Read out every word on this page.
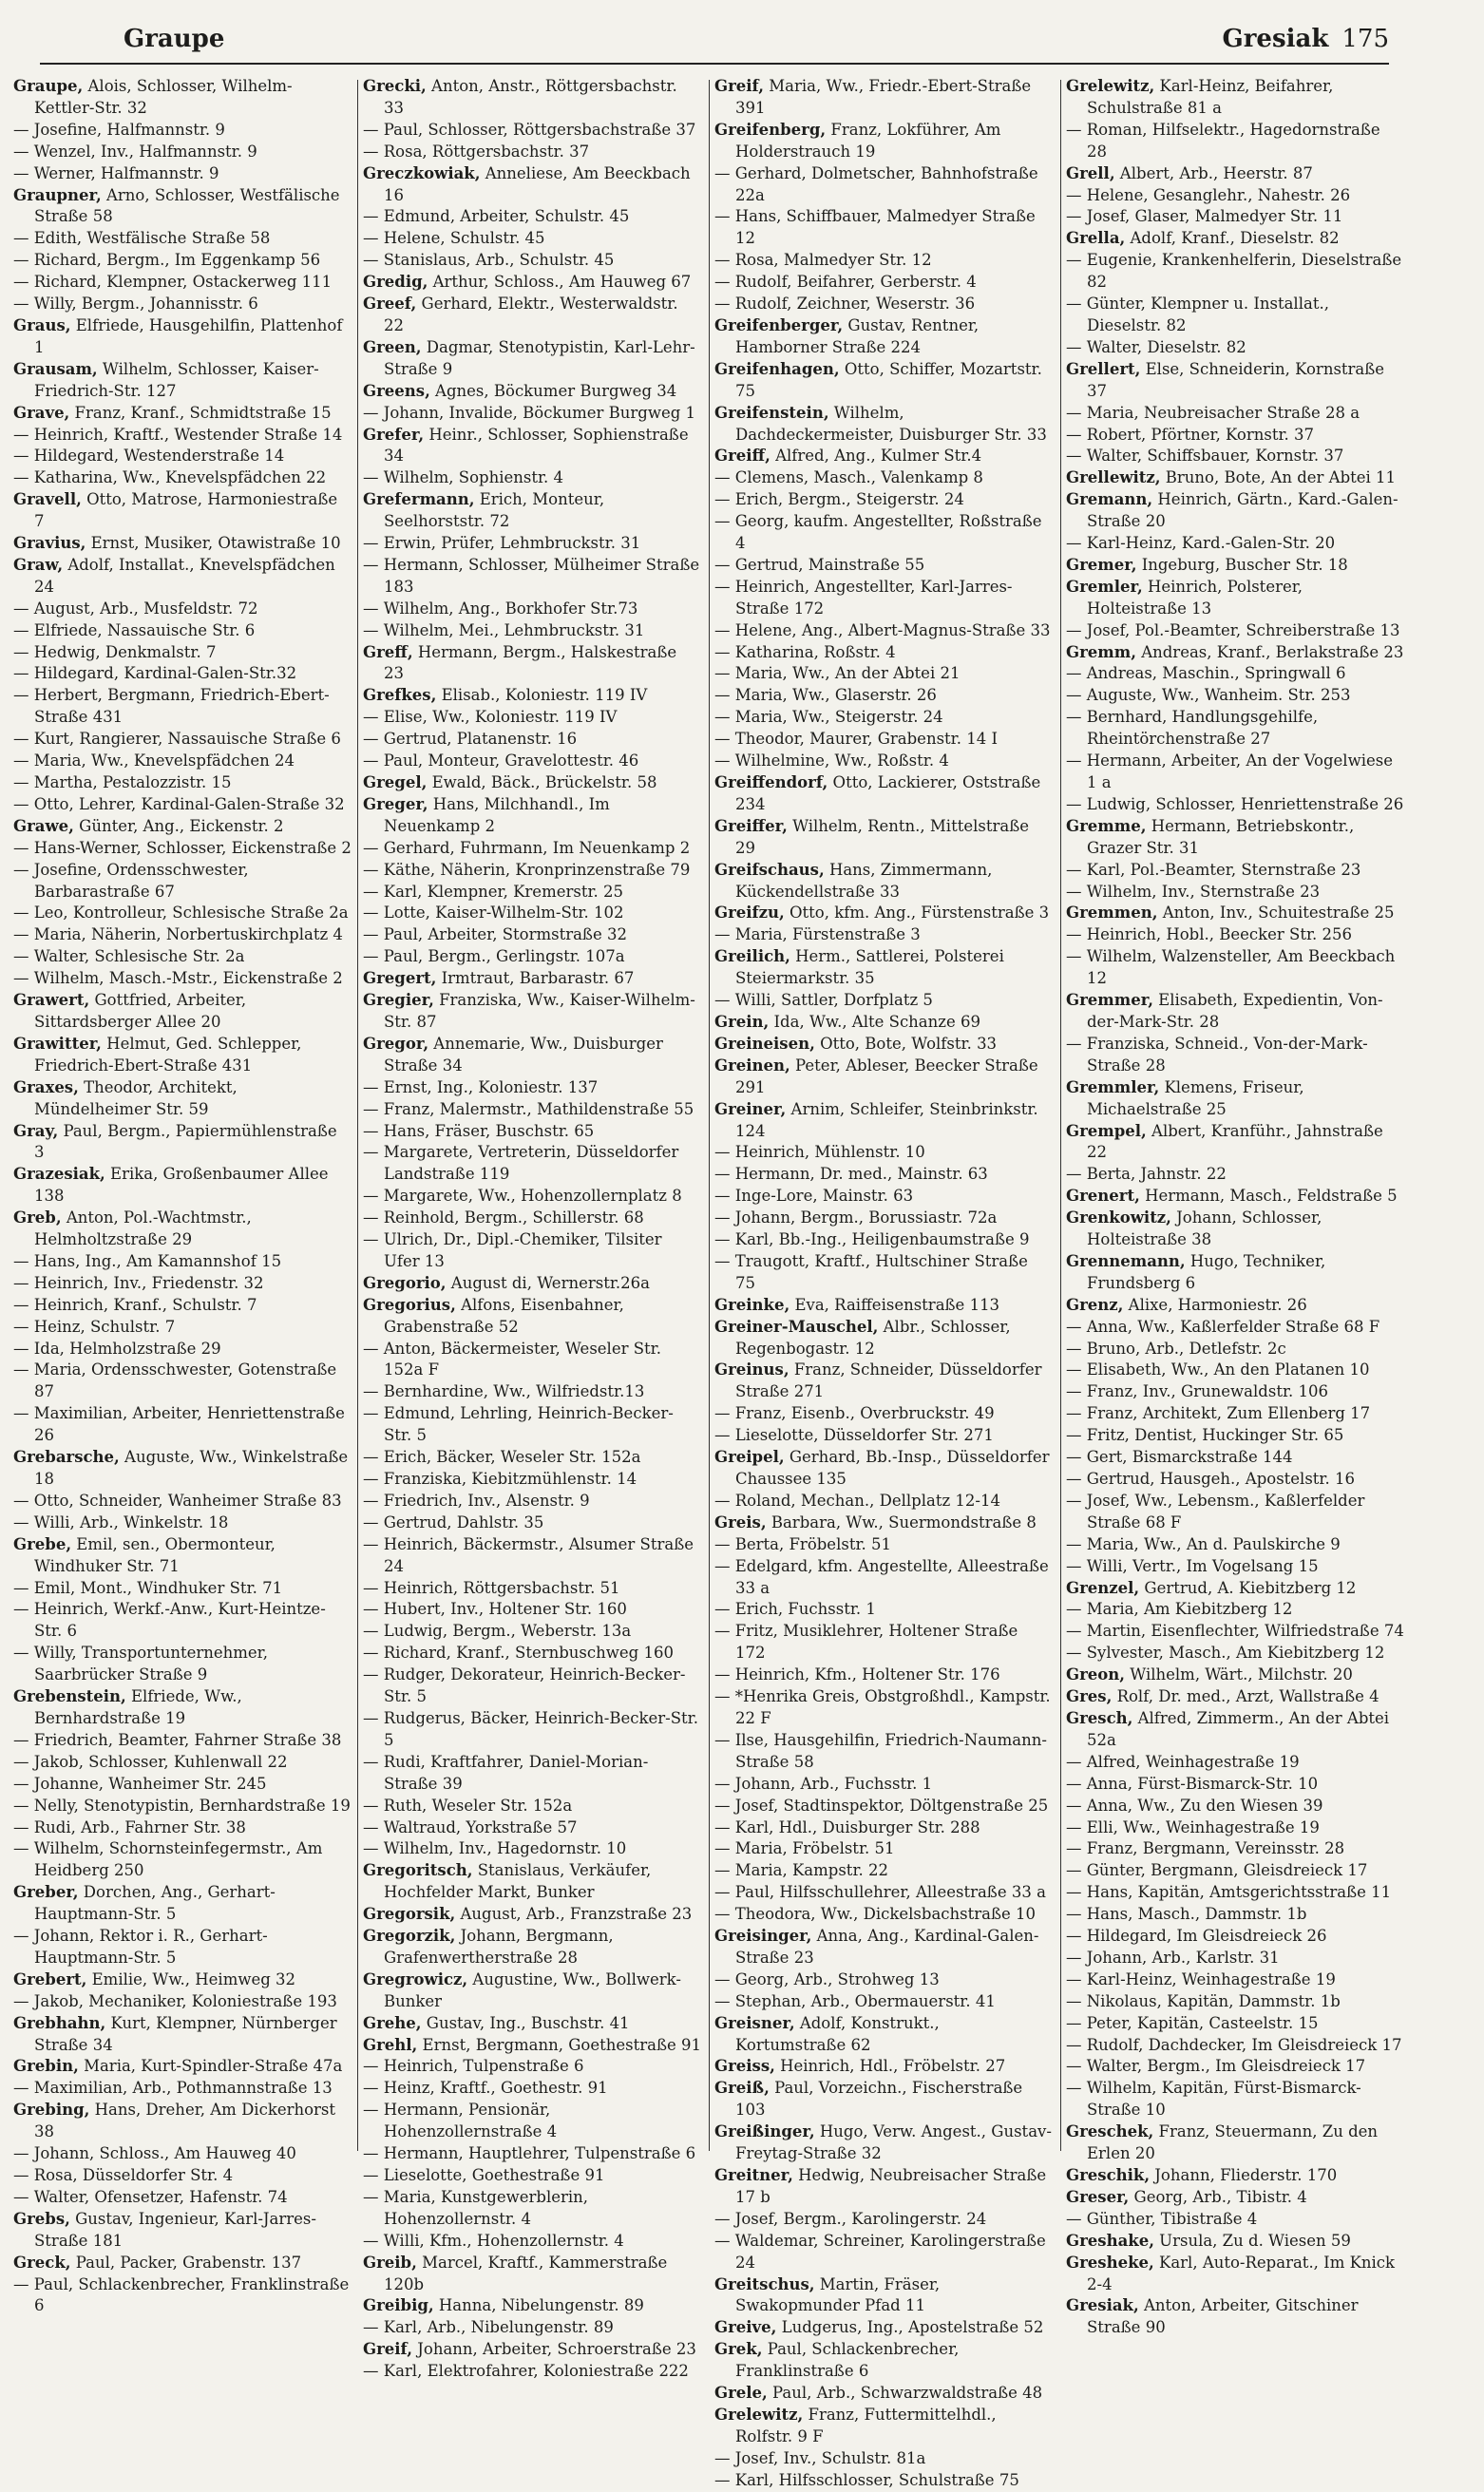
Graupe	Gresiak 175
Graupe, Alois, Schlosser, Wilhelm-Kettler-Str. 32
— Josefine, Halfmannstr. 9
— Wenzel, Inv., Halfmannstr. 9
— Werner, Halfmannstr. 9
Graupner, Arno, Schlosser, Westfälische Straße 58
— Edith, Westfälische Straße 58
— Richard, Bergm., Im Eggenkamp 56
— Richard, Klempner, Ostackerweg 111
— Willy, Bergm., Johannisstr. 6
Graus, Elfriede, Hausgehilfin, Plattenhof 1
Grausam, Wilhelm, Schlosser, Kaiser-Friedrich-Str. 127
Grave, Franz, Kranf., Schmidtstraße 15
— Heinrich, Kraftf., Westender Straße 14
— Hildegard, Westenderstraße 14
— Katharina, Ww., Knevelspfädchen 22
Gravell, Otto, Matrose, Harmoniestraße 7
Gravius, Ernst, Musiker, Otawistraße 10
Graw, Adolf, Installat., Knevelspfädchen 24
— August, Arb., Musfeldstr. 72
— Elfriede, Nassauische Str. 6
— Hedwig, Denkmalstr. 7
— Hildegard, Kardinal-Galen-Str.32
— Herbert, Bergmann, Friedrich-Ebert-Straße 431
— Kurt, Rangierer, Nassauische Straße 6
— Maria, Ww., Knevelspfädchen 24
— Martha, Pestalozzistr. 15
— Otto, Lehrer, Kardinal-Galen-Straße 32
Grawe, Günter, Ang., Eickenstr. 2
— Hans-Werner, Schlosser, Eickenstraße 2
— Josefine, Ordensschwester, Barbarastraße 67
— Leo, Kontrolleur, Schlesische Straße 2a
— Maria, Näherin, Norbertuskirchplatz 4
— Walter, Schlesische Str. 2a
— Wilhelm, Masch.-Mstr., Eickenstraße 2
Grawert, Gottfried, Arbeiter, Sittardsberger Allee 20
Grawitter, Helmut, Ged. Schlepper, Friedrich-Ebert-Straße 431
Graxes, Theodor, Architekt, Mündelheimer Str. 59
Gray, Paul, Bergm., Papiermühlenstraße 3
Grazesiak, Erika, Großenbaumer Allee 138
Greb, Anton, Pol.-Wachtmstr., Helmholtzstraße 29
— Hans, Ing., Am Kamannshof 15
— Heinrich, Inv., Friedenstr. 32
— Heinrich, Kranf., Schulstr. 7
— Heinz, Schulstr. 7
— Ida, Helmholzstraße 29
— Maria, Ordensschwester, Gotenstraße 87
— Maximilian, Arbeiter, Henriettenstraße 26
Grebarsche, Auguste, Ww., Winkelstraße 18
— Otto, Schneider, Wanheimer Straße 83
— Willi, Arb., Winkelstr. 18
Grebe, Emil, sen., Obermonteur, Windhuker Str. 71
— Emil, Mont., Windhuker Str. 71
— Heinrich, Werkf.-Anw., Kurt-Heintze-Str. 6
— Willy, Transportunternehmer, Saarbrücker Straße 9
Grebenstein, Elfriede, Ww., Bernhardstraße 19
— Friedrich, Beamter, Fahrner Straße 38
— Jakob, Schlosser, Kuhlenwall 22
— Johanne, Wanheimer Str. 245
— Nelly, Stenotypistin, Bernhardstraße 19
— Rudi, Arb., Fahrner Str. 38
— Wilhelm, Schornsteinfegermstr., Am Heidberg 250
Greber, Dorchen, Ang., Gerhart-Hauptmann-Str. 5
— Johann, Rektor i. R., Gerhart-Hauptmann-Str. 5
Grebert, Emilie, Ww., Heimweg 32
— Jakob, Mechaniker, Koloniestraße 193
Grebhahn, Kurt, Klempner, Nürnberger Straße 34
Grebin, Maria, Kurt-Spindler-Straße 47a
— Maximilian, Arb., Pothmannstraße 13
Grebing, Hans, Dreher, Am Dickerhorst 38
— Johann, Schloss., Am Hauweg 40
— Rosa, Düsseldorfer Str. 4
— Walter, Ofensetzer, Hafenstr. 74
Grebs, Gustav, Ingenieur, Karl-Jarres-Straße 181
Greck, Paul, Packer, Grabenstr. 137
— Paul, Schlackenbrecher, Franklinstraße 6
Grecki, Anton, Anstr., Röttgersbachstr. 33
— Paul, Schlosser, Röttgersbachstraße 37
— Rosa, Röttgersbachstr. 37
Greczkowiak, Anneliese, Am Beeckbach 16
— Edmund, Arbeiter, Schulstr. 45
— Helene, Schulstr. 45
— Stanislaus, Arb., Schulstr. 45
Gredig, Arthur, Schloss., Am Hauweg 67
Greef, Gerhard, Elektr., Westerwaldstr. 22
Green, Dagmar, Stenotypistin, Karl-Lehr-Straße 9
Greens, Agnes, Böckumer Burgweg 34
— Johann, Invalide, Böckumer Burgweg 1
Grefer, Heinr., Schlosser, Sophienstraße 34
— Wilhelm, Sophienstr. 4
Grefermann, Erich, Monteur, Seelhorststr. 72
— Erwin, Prüfer, Lehmbruckstr. 31
— Hermann, Schlosser, Mülheimer Straße 183
— Wilhelm, Ang., Borkhofer Str.73
— Wilhelm, Mei., Lehmbruckstr. 31
Greff, Hermann, Bergm., Halskestraße 23
Grefkes, Elisab., Koloniestr. 119 IV
— Elise, Ww., Koloniestr. 119 IV
— Gertrud, Platanenstr. 16
— Paul, Monteur, Gravelottestr. 46
Gregel, Ewald, Bäck., Brückelstr. 58
Greger, Hans, Milchhandl., Im Neuenkamp 2
— Gerhard, Fuhrmann, Im Neuenkamp 2
— Käthe, Näherin, Kronprinzenstraße 79
— Karl, Klempner, Kremerstr. 25
— Lotte, Kaiser-Wilhelm-Str. 102
— Paul, Arbeiter, Stormstraße 32
— Paul, Bergm., Gerlingstr. 107a
Gregert, Irmtraut, Barbarastr. 67
Gregier, Franziska, Ww., Kaiser-Wilhelm-Str. 87
Gregor, Annemarie, Ww., Duisburger Straße 34
— Ernst, Ing., Koloniestr. 137
— Franz, Malermstr., Mathildenstraße 55
— Hans, Fräser, Buschstr. 65
— Margarete, Vertreterin, Düsseldorfer Landstraße 119
— Margarete, Ww., Hohenzollernplatz 8
— Reinhold, Bergm., Schillerstr. 68
— Ulrich, Dr., Dipl.-Chemiker, Tilsiter Ufer 13
Gregorio, August di, Wernerstr.26a
Gregorius, Alfons, Eisenbahner, Grabenstraße 52
— Anton, Bäckermeister, Weseler Str. 152a F
— Bernhardine, Ww., Wilfriedstr.13
— Edmund, Lehrling, Heinrich-Becker-Str. 5
— Erich, Bäcker, Weseler Str. 152a
— Franziska, Kiebitzmühlenstr. 14
— Friedrich, Inv., Alsenstr. 9
— Gertrud, Dahlstr. 35
— Heinrich, Bäckermstr., Alsumer Straße 24
— Heinrich, Röttgersbachstr. 51
— Hubert, Inv., Holtener Str. 160
— Ludwig, Bergm., Weberstr. 13a
— Richard, Kranf., Sternbuschweg 160
— Rudger, Dekorateur, Heinrich-Becker-Str. 5
— Rudgerus, Bäcker, Heinrich-Becker-Str. 5
— Rudi, Kraftfahrer, Daniel-Morian-Straße 39
— Ruth, Weseler Str. 152a
— Waltraud, Yorkstraße 57
— Wilhelm, Inv., Hagedornstr. 10
Gregoritsch, Stanislaus, Verkäufer, Hochfelder Markt, Bunker
Gregorsik, August, Arb., Franzstraße 23
Gregorzik, Johann, Bergmann, Grafenwertherstraße 28
Gregrowicz, Augustine, Ww., Bollwerk-Bunker
Grehe, Gustav, Ing., Buschstr. 41
Grehl, Ernst, Bergmann, Goethestraße 91
— Heinrich, Tulpenstraße 6
— Heinz, Kraftf., Goethestr. 91
— Hermann, Pensionär, Hohenzollernstraße 4
— Hermann, Hauptlehrer, Tulpenstraße 6
— Lieselotte, Goethestraße 91
— Maria, Kunstgewerblerin, Hohenzollernstr. 4
— Willi, Kfm., Hohenzollernstr. 4
Greib, Marcel, Kraftf., Kammerstraße 120b
Greibig, Hanna, Nibelungenstr. 89
— Karl, Arb., Nibelungenstr. 89
Greif, Johann, Arbeiter, Schroerstraße 23
— Karl, Elektrofahrer, Koloniestraße 222
Greif, Maria, Ww., Friedr.-Ebert-Straße 391
Greifenberg, Franz, Lokführer, Am Holderstrauch 19
— Gerhard, Dolmetscher, Bahnhofstraße 22a
— Hans, Schiffbauer, Malmedyer Straße 12
— Rosa, Malmedyer Str. 12
— Rudolf, Beifahrer, Gerberstr. 4
— Rudolf, Zeichner, Weserstr. 36
Greifenberger, Gustav, Rentner, Hamborner Straße 224
Greifenhagen, Otto, Schiffer, Mozartstr. 75
Greifenstein, Wilhelm, Dachdeckermeister, Duisburger Str. 33
Greiff, Alfred, Ang., Kulmer Str.4
— Clemens, Masch., Valenkamp 8
— Erich, Bergm., Steigerstr. 24
— Georg, kaufm. Angestellter, Roßstraße 4
— Gertrud, Mainstraße 55
— Heinrich, Angestellter, Karl-Jarres-Straße 172
— Helene, Ang., Albert-Magnus-Straße 33
— Katharina, Roßstr. 4
— Maria, Ww., An der Abtei 21
— Maria, Ww., Glaserstr. 26
— Maria, Ww., Steigerstr. 24
— Theodor, Maurer, Grabenstr. 14 I
— Wilhelmine, Ww., Roßstr. 4
Greiffendorf, Otto, Lackierer, Oststraße 234
Greiffer, Wilhelm, Rentn., Mittelstraße 29
Greifschaus, Hans, Zimmermann, Kückendellstraße 33
Greifzu, Otto, kfm. Ang., Fürstenstraße 3
— Maria, Fürstenstraße 3
Greilich, Herm., Sattlerei, Polsterei Steiermarkstr. 35
— Willi, Sattler, Dorfplatz 5
Grein, Ida, Ww., Alte Schanze 69
Greineisen, Otto, Bote, Wolfstr. 33
Greinen, Peter, Ableser, Beecker Straße 291
Greiner, Arnim, Schleifer, Steinbrinkstr. 124
— Heinrich, Mühlenstr. 10
— Hermann, Dr. med., Mainstr. 63
— Inge-Lore, Mainstr. 63
— Johann, Bergm., Borussiastr. 72a
— Karl, Bb.-Ing., Heiligenbaumstraße 9
— Traugott, Kraftf., Hultschiner Straße 75
Greinke, Eva, Raiffeisenstraße 113
Greiner-Mauschel, Albr., Schlosser, Regenbogastr. 12
Greinus, Franz, Schneider, Düsseldorfer Straße 271
— Franz, Eisenb., Overbruckstr. 49
— Lieselotte, Düsseldorfer Str. 271
Greipel, Gerhard, Bb.-Insp., Düsseldorfer Chaussee 135
— Roland, Mechan., Dellplatz 12-14
Greis, Barbara, Ww., Suermondstraße 8
— Berta, Fröbelstr. 51
— Edelgard, kfm. Angestellte, Alleestraße 33 a
— Erich, Fuchsstr. 1
— Fritz, Musiklehrer, Holtener Straße 172
— Heinrich, Kfm., Holtener Str. 176
— *Henrika Greis, Obstgroßhdl., Kampstr. 22 F
— Ilse, Hausgehilfin, Friedrich-Naumann-Straße 58
— Johann, Arb., Fuchsstr. 1
— Josef, Stadtinspektor, Döltgenstraße 25
— Karl, Hdl., Duisburger Str. 288
— Maria, Fröbelstr. 51
— Maria, Kampstr. 22
— Paul, Hilfsschullehrer, Alleestraße 33 a
— Theodora, Ww., Dickelsbachstraße 10
Greisinger, Anna, Ang., Kardinal-Galen-Straße 23
— Georg, Arb., Strohweg 13
— Stephan, Arb., Obermauerstr. 41
Greisner, Adolf, Konstrukt., Kortumstraße 62
Greiss, Heinrich, Hdl., Fröbelstr. 27
Greiß, Paul, Vorzeichn., Fischerstraße 103
Greißinger, Hugo, Verw. Angest., Gustav-Freytag-Straße 32
Greitner, Hedwig, Neubreisacher Straße 17 b
— Josef, Bergm., Karolingerstr. 24
— Waldemar, Schreiner, Karolingerstraße 24
Greitschus, Martin, Fräser, Swakopmunder Pfad 11
Greive, Ludgerus, Ing., Apostelstraße 52
Grek, Paul, Schlackenbrecher, Franklinstraße 6
Grele, Paul, Arb., Schwarzwaldstraße 48
Grelewitz, Franz, Futtermittelhdl., Rolfstr. 9 F
— Josef, Inv., Schulstr. 81a
— Karl, Hilfsschlosser, Schulstraße 75
Grelewitz, Karl-Heinz, Beifahrer, Schulstraße 81 a
— Roman, Hilfselektr., Hagedornstraße 28
Grell, Albert, Arb., Heerstr. 87
— Helene, Gesanglehr., Nahestr. 26
— Josef, Glaser, Malmedyer Str. 11
Grella, Adolf, Kranf., Dieselstr. 82
— Eugenie, Krankenhelferin, Dieselstraße 82
— Günter, Klempner u. Installat., Dieselstr. 82
— Walter, Dieselstr. 82
Grellert, Else, Schneiderin, Kornstraße 37
— Maria, Neubreisacher Straße 28 a
— Robert, Pförtner, Kornstr. 37
— Walter, Schiffsbauer, Kornstr. 37
Grellewitz, Bruno, Bote, An der Abtei 11
Gremann, Heinrich, Gärtn., Kard.-Galen-Straße 20
— Karl-Heinz, Kard.-Galen-Str. 20
Gremer, Ingeburg, Buscher Str. 18
Gremler, Heinrich, Polsterer, Holteistraße 13
— Josef, Pol.-Beamter, Schreiberstraße 13
Gremm, Andreas, Kranf., Berlakstraße 23
— Andreas, Maschin., Springwall 6
— Auguste, Ww., Wanheim. Str. 253
— Bernhard, Handlungsgehilfe, Rheintörchenstraße 27
— Hermann, Arbeiter, An der Vogelwiese 1 a
— Ludwig, Schlosser, Henriettenstraße 26
Gremme, Hermann, Betriebskontr., Grazer Str. 31
— Karl, Pol.-Beamter, Sternstraße 23
— Wilhelm, Inv., Sternstraße 23
Gremmen, Anton, Inv., Schuitestraße 25
— Heinrich, Hobl., Beecker Str. 256
— Wilhelm, Walzensteller, Am Beeckbach 12
Gremmer, Elisabeth, Expedientin, Von-der-Mark-Str. 28
— Franziska, Schneid., Von-der-Mark-Straße 28
Gremmler, Klemens, Friseur, Michaelstraße 25
Grempel, Albert, Kranführ., Jahnstraße 22
— Berta, Jahnstr. 22
Grenert, Hermann, Masch., Feldstraße 5
Grenkowitz, Johann, Schlosser, Holteistraße 38
Grennemann, Hugo, Techniker, Frundsberg 6
Grenz, Alixe, Harmoniestr. 26
— Anna, Ww., Kaßlerfelder Straße 68 F
— Bruno, Arb., Detlefstr. 2c
— Elisabeth, Ww., An den Platanen 10
— Franz, Inv., Grunewaldstr. 106
— Franz, Architekt, Zum Ellenberg 17
— Fritz, Dentist, Huckinger Str. 65
— Gert, Bismarckstraße 144
— Gertrud, Hausgeh., Apostelstr. 16
— Josef, Ww., Lebensm., Kaßlerfelder Straße 68 F
— Maria, Ww., An d. Paulskirche 9
— Willi, Vertr., Im Vogelsang 15
Grenzel, Gertrud, A. Kiebitzberg 12
— Maria, Am Kiebitzberg 12
— Martin, Eisenflechter, Wilfriedstraße 74
— Sylvester, Masch., Am Kiebitzberg 12
Greon, Wilhelm, Wärt., Milchstr. 20
Gres, Rolf, Dr. med., Arzt, Wallstraße 4
Gresch, Alfred, Zimmerm., An der Abtei 52a
— Alfred, Weinhagestraße 19
— Anna, Fürst-Bismarck-Str. 10
— Anna, Ww., Zu den Wiesen 39
— Elli, Ww., Weinhagestraße 19
— Franz, Bergmann, Vereinsstr. 28
— Günter, Bergmann, Gleisdreieck 17
— Hans, Kapitän, Amtsgerichtsstraße 11
— Hans, Masch., Dammstr. 1b
— Hildegard, Im Gleisdreieck 26
— Johann, Arb., Karlstr. 31
— Karl-Heinz, Weinhagestraße 19
— Nikolaus, Kapitän, Dammstr. 1b
— Peter, Kapitän, Casteelstr. 15
— Rudolf, Dachdecker, Im Gleisdreieck 17
— Walter, Bergm., Im Gleisdreieck 17
— Wilhelm, Kapitän, Fürst-Bismarck-Straße 10
Greschek, Franz, Steuermann, Zu den Erlen 20
Greschik, Johann, Fliederstr. 170
Greser, Georg, Arb., Tibistr. 4
— Günther, Tibistraße 4
Greshake, Ursula, Zu d. Wiesen 59
Gresheke, Karl, Auto-Reparat., Im Knick 2-4
Gresiak, Anton, Arbeiter, Gitschiner Straße 90
